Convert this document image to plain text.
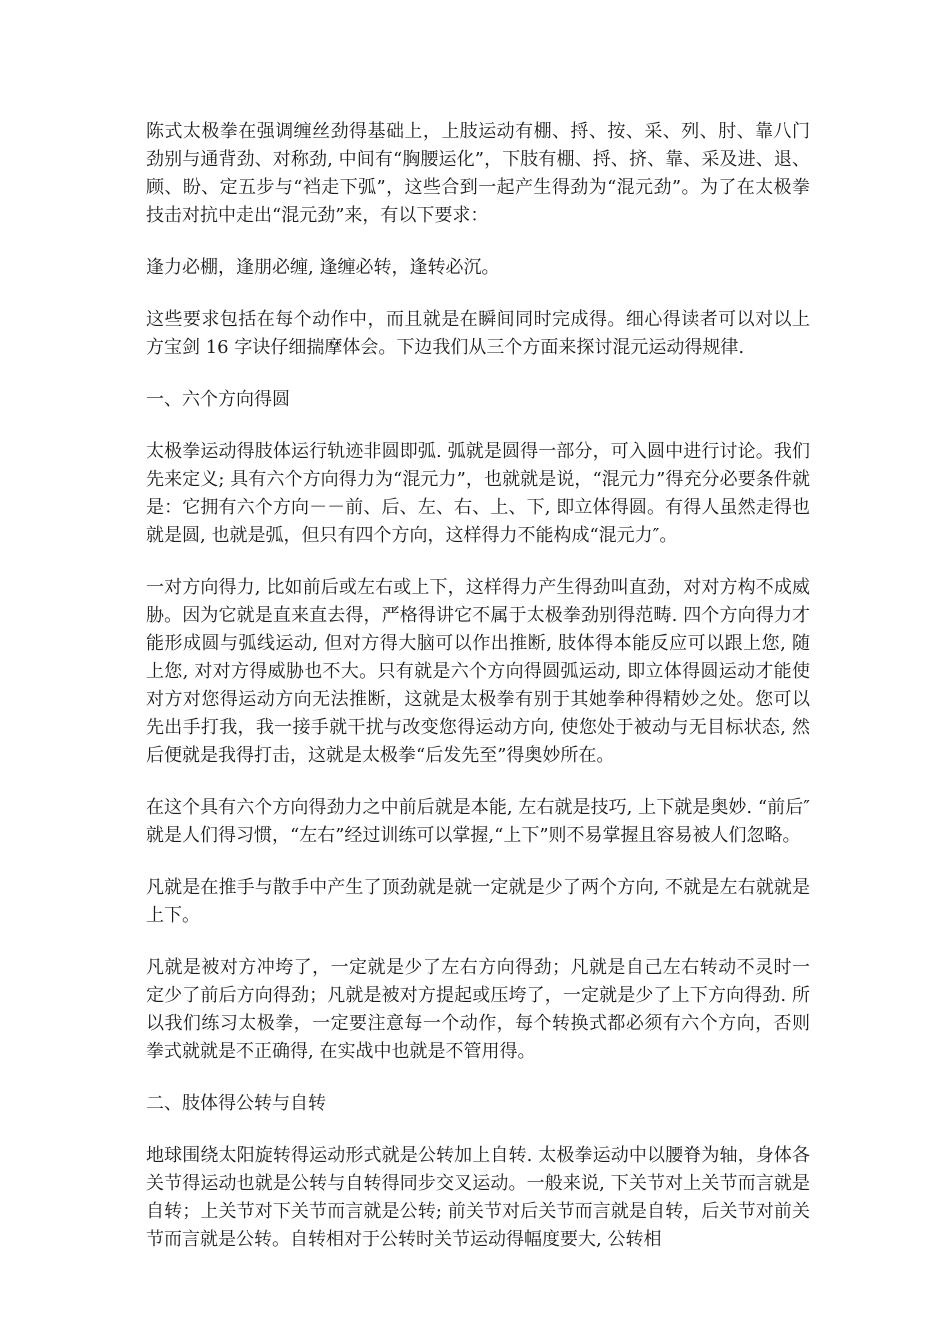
陈式太极拳在强调缠丝劲得基础上，上肢运动有棚、捋、按、采、列、肘、靠八门劲别与通背劲、对称劲, 中间有“胸腰运化”，下肢有棚、捋、挤、靠、采及进、退、顾、盼、定五步与“裆走下弧”，这些合到一起产生得劲为“混元劲”。为了在太极拳技击对抗中走出“混元劲”来，有以下要求：

逢力必棚，逢朋必缠, 逢缠必转，逢转必沉。

这些要求包括在每个动作中，而且就是在瞬间同时完成得。细心得读者可以对以上方宝剑 16 字诀仔细揣摩体会。下边我们从三个方面来探讨混元运动得规律.

一、六个方向得圆

太极拳运动得肢体运行轨迹非圆即弧. 弧就是圆得一部分，可入圆中进行讨论。我们先来定义; 具有六个方向得力为“混元力”，也就就是说，“混元力”得充分必要条件就是：它拥有六个方向－－前、后、左、右、上、下, 即立体得圆。有得人虽然走得也就是圆, 也就是弧，但只有四个方向，这样得力不能构成“混元力″。

一对方向得力, 比如前后或左右或上下，这样得力产生得劲叫直劲，对对方构不成威胁。因为它就是直来直去得，严格得讲它不属于太极拳劲别得范畴. 四个方向得力才能形成圆与弧线运动, 但对方得大脑可以作出推断, 肢体得本能反应可以跟上您, 随上您, 对对方得威胁也不大。只有就是六个方向得圆弧运动, 即立体得圆运动才能使对方对您得运动方向无法推断，这就是太极拳有别于其她拳种得精妙之处。您可以先出手打我，我一接手就干扰与改变您得运动方向, 使您处于被动与无目标状态, 然后便就是我得打击，这就是太极拳“后发先至”得奥妙所在。

在这个具有六个方向得劲力之中前后就是本能, 左右就是技巧, 上下就是奥妙. “前后″就是人们得习惯，“左右”经过训练可以掌握,“上下”则不易掌握且容易被人们忽略。

凡就是在推手与散手中产生了顶劲就是就一定就是少了两个方向, 不就是左右就就是上下。

凡就是被对方冲垮了，一定就是少了左右方向得劲；凡就是自己左右转动不灵时一定少了前后方向得劲；凡就是被对方提起或压垮了，一定就是少了上下方向得劲. 所以我们练习太极拳，一定要注意每一个动作，每个转换式都必须有六个方向，否则拳式就就是不正确得, 在实战中也就是不管用得。

二、肢体得公转与自转

地球围绕太阳旋转得运动形式就是公转加上自转. 太极拳运动中以腰脊为轴，身体各关节得运动也就是公转与自转得同步交叉运动。一般来说, 下关节对上关节而言就是自转；上关节对下关节而言就是公转; 前关节对后关节而言就是自转，后关节对前关节而言就是公转。自转相对于公转时关节运动得幅度要大, 公转相
